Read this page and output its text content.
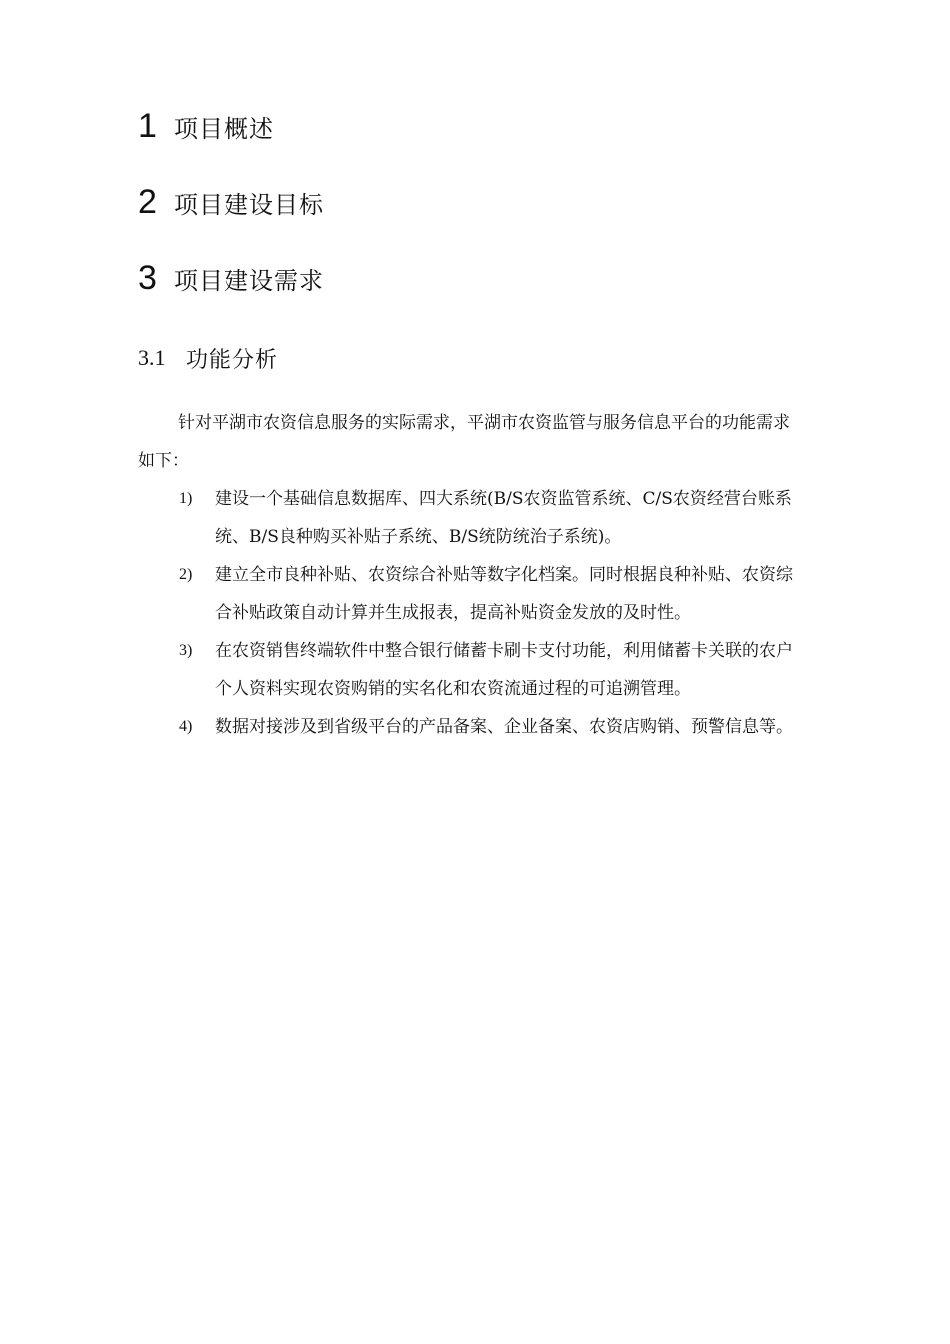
1 项目概述
2 项目建设目标
3 项目建设需求
3.1 功能分析

针对平湖市农资信息服务的实际需求，平湖市农资监管与服务信息平台的功能需求如下：

1) 建设一个基础信息数据库、四大系统(B/S农资监管系统、C/S农资经营台账系统、B/S良种购买补贴子系统、B/S统防统治子系统)。
2) 建立全市良种补贴、农资综合补贴等数字化档案。同时根据良种补贴、农资综合补贴政策自动计算并生成报表，提高补贴资金发放的及时性。
3) 在农资销售终端软件中整合银行储蓄卡刷卡支付功能，利用储蓄卡关联的农户个人资料实现农资购销的实名化和农资流通过程的可追溯管理。
4) 数据对接涉及到省级平台的产品备案、企业备案、农资店购销、预警信息等。
